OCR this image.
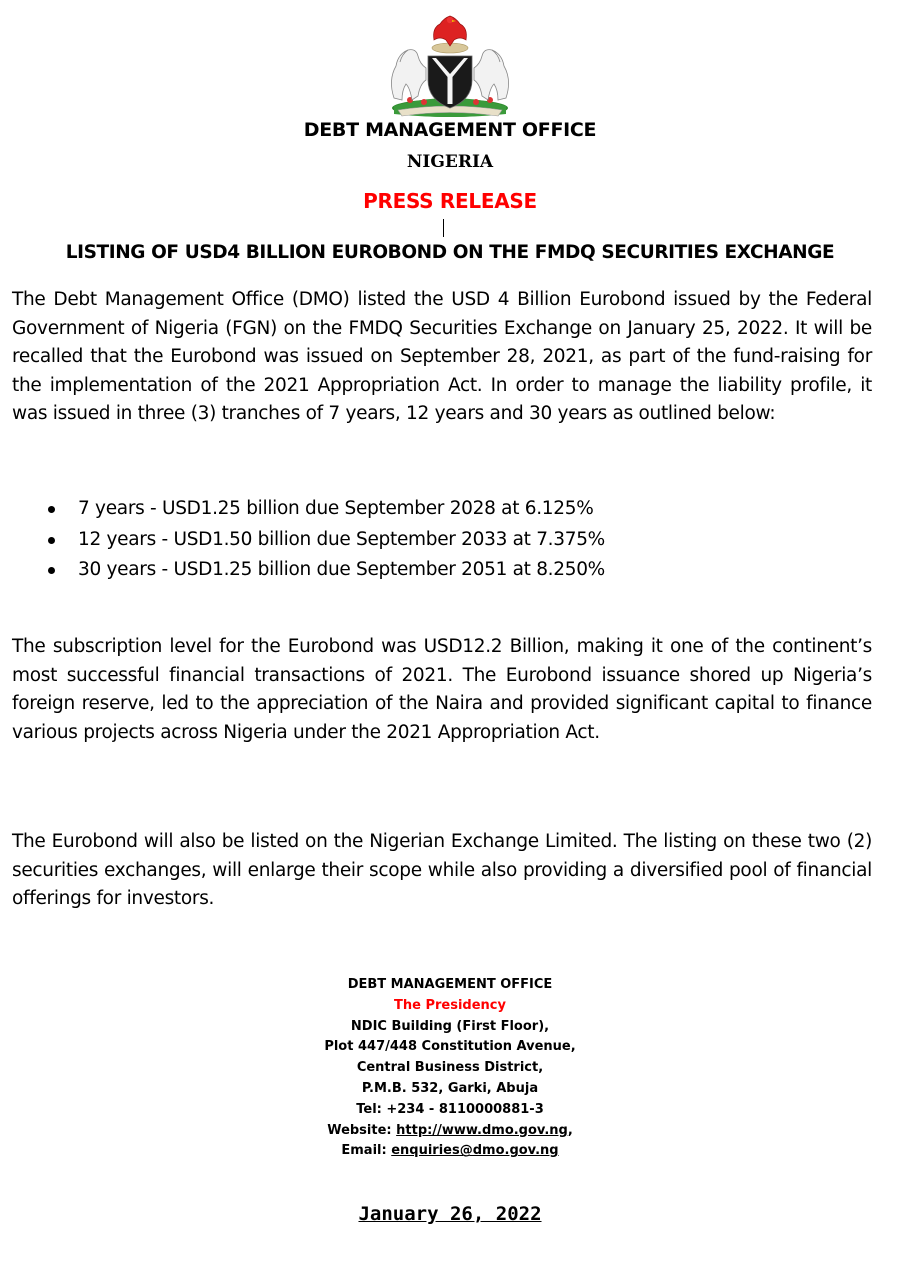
DEBT MANAGEMENT OFFICE
NIGERIA
PRESS RELEASE
LISTING OF USD4 BILLION EUROBOND ON THE FMDQ SECURITIES EXCHANGE

The Debt Management Office (DMO) listed the USD 4 Billion Eurobond issued by the Federal Government of Nigeria (FGN) on the FMDQ Securities Exchange on January 25, 2022. It will be recalled that the Eurobond was issued on September 28, 2021, as part of the fund-raising for the implementation of the 2021 Appropriation Act. In order to manage the liability profile, it was issued in three (3) tranches of 7 years, 12 years and 30 years as outlined below:

7 years - USD1.25 billion due September 2028 at 6.125%
12 years - USD1.50 billion due September 2033 at 7.375%
30 years - USD1.25 billion due September 2051 at 8.250%

The subscription level for the Eurobond was USD12.2 Billion, making it one of the continent’s most successful financial transactions of 2021. The Eurobond issuance shored up Nigeria’s foreign reserve, led to the appreciation of the Naira and provided significant capital to finance various projects across Nigeria under the 2021 Appropriation Act.

The Eurobond will also be listed on the Nigerian Exchange Limited. The listing on these two (2) securities exchanges, will enlarge their scope while also providing a diversified pool of financial offerings for investors.

DEBT MANAGEMENT OFFICE
The Presidency
NDIC Building (First Floor),
Plot 447/448 Constitution Avenue,
Central Business District,
P.M.B. 532, Garki, Abuja
Tel: +234 - 8110000881-3
Website: http://www.dmo.gov.ng,
Email: enquiries@dmo.gov.ng
January 26, 2022
